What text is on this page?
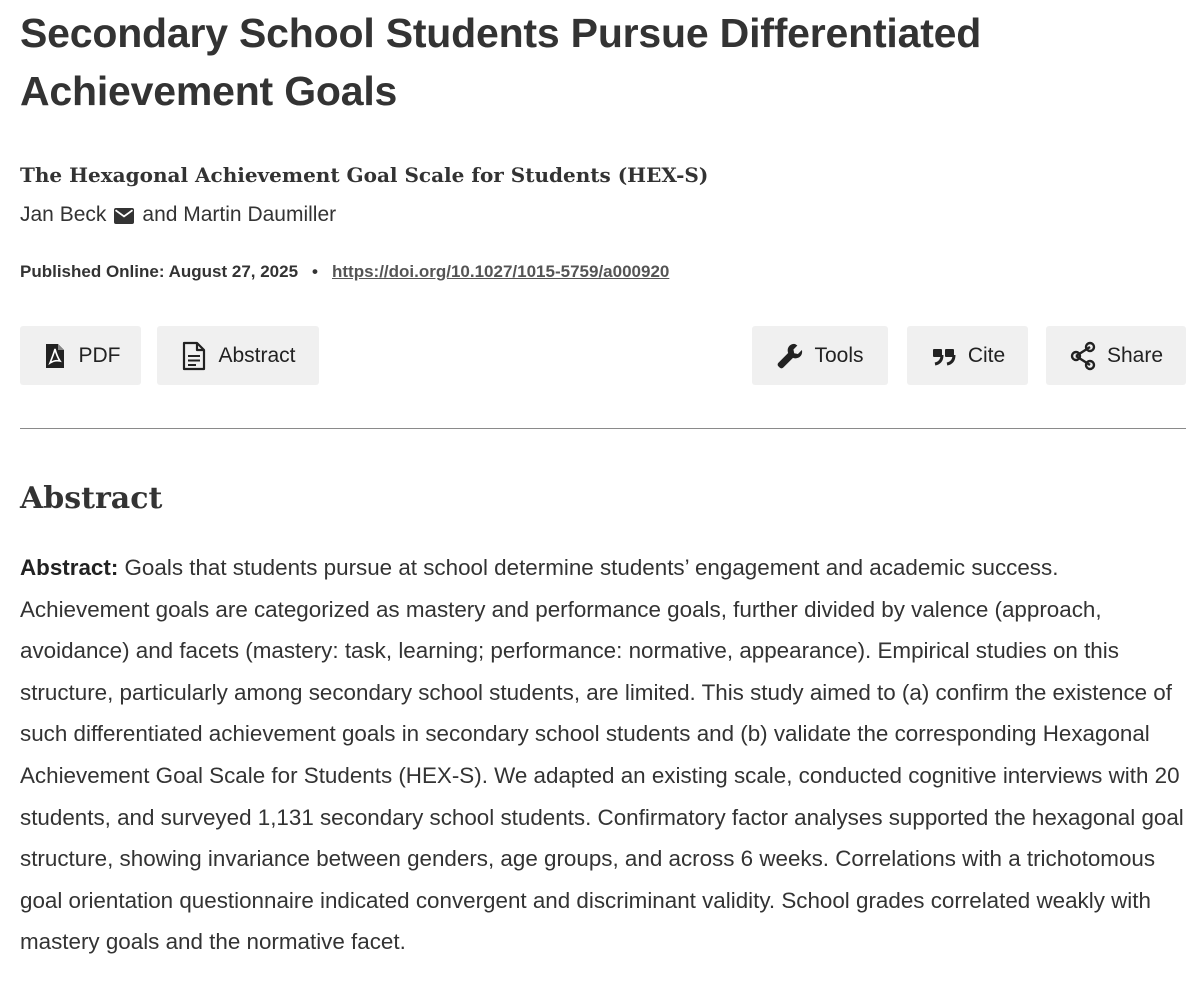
Secondary School Students Pursue Differentiated Achievement Goals
The Hexagonal Achievement Goal Scale for Students (HEX-S)
Jan Beck and Martin Daumiller
Published Online: August 27, 2025 • https://doi.org/10.1027/1015-5759/a000920
PDF	Abstract	Tools	Cite	Share
Abstract

Abstract: Goals that students pursue at school determine students’ engagement and academic success. Achievement goals are categorized as mastery and performance goals, further divided by valence (approach, avoidance) and facets (mastery: task, learning; performance: normative, appearance). Empirical studies on this structure, particularly among secondary school students, are limited. This study aimed to (a) confirm the existence of such differentiated achievement goals in secondary school students and (b) validate the corresponding Hexagonal Achievement Goal Scale for Students (HEX-S). We adapted an existing scale, conducted cognitive interviews with 20 students, and surveyed 1,131 secondary school students. Confirmatory factor analyses supported the hexagonal goal structure, showing invariance between genders, age groups, and across 6 weeks. Correlations with a trichotomous goal orientation questionnaire indicated convergent and discriminant validity. School grades correlated weakly with mastery goals and the normative facet.
